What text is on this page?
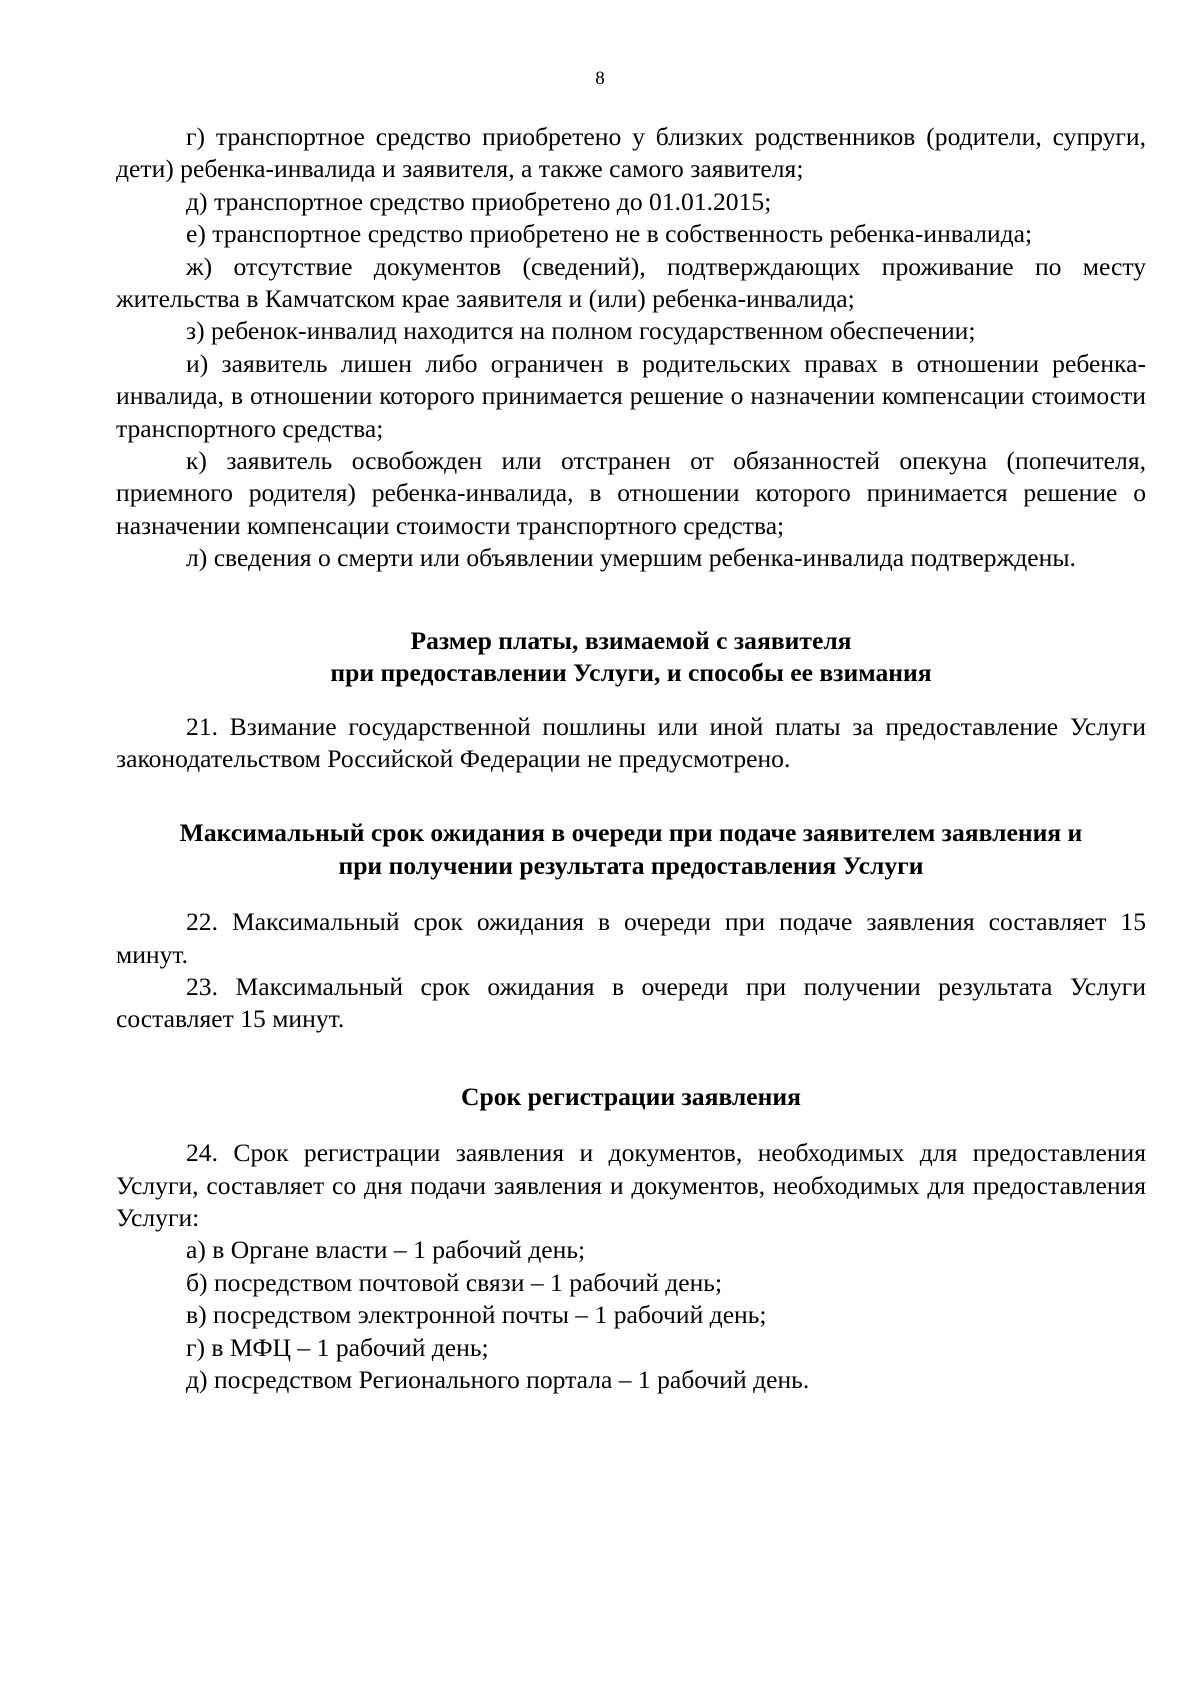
8

г) транспортное средство приобретено у близких родственников (родители, супруги, дети) ребенка-инвалида и заявителя, а также самого заявителя;

д) транспортное средство приобретено до 01.01.2015;

е) транспортное средство приобретено не в собственность ребенка-инвалида;

ж) отсутствие документов (сведений), подтверждающих проживание по месту жительства в Камчатском крае заявителя и (или) ребенка-инвалида;

з) ребенок-инвалид находится на полном государственном обеспечении;

и) заявитель лишен либо ограничен в родительских правах в отношении ребенка-инвалида, в отношении которого принимается решение о назначении компенсации стоимости транспортного средства;

к) заявитель освобожден или отстранен от обязанностей опекуна (попечителя, приемного родителя) ребенка-инвалида, в отношении которого принимается решение о назначении компенсации стоимости транспортного средства;

л) сведения о смерти или объявлении умершим ребенка-инвалида подтверждены.

Размер платы, взимаемой с заявителя
при предоставлении Услуги, и способы ее взимания

21. Взимание государственной пошлины или иной платы за предоставление Услуги законодательством Российской Федерации не предусмотрено.

Максимальный срок ожидания в очереди при подаче заявителем заявления и
при получении результата предоставления Услуги

22. Максимальный срок ожидания в очереди при подаче заявления составляет 15 минут.

23. Максимальный срок ожидания в очереди при получении результата Услуги составляет 15 минут.

Срок регистрации заявления

24. Срок регистрации заявления и документов, необходимых для предоставления Услуги, составляет со дня подачи заявления и документов, необходимых для предоставления Услуги:

а) в Органе власти – 1 рабочий день;

б) посредством почтовой связи – 1 рабочий день;

в) посредством электронной почты – 1 рабочий день;

г) в МФЦ – 1 рабочий день;

д) посредством Регионального портала – 1 рабочий день.
